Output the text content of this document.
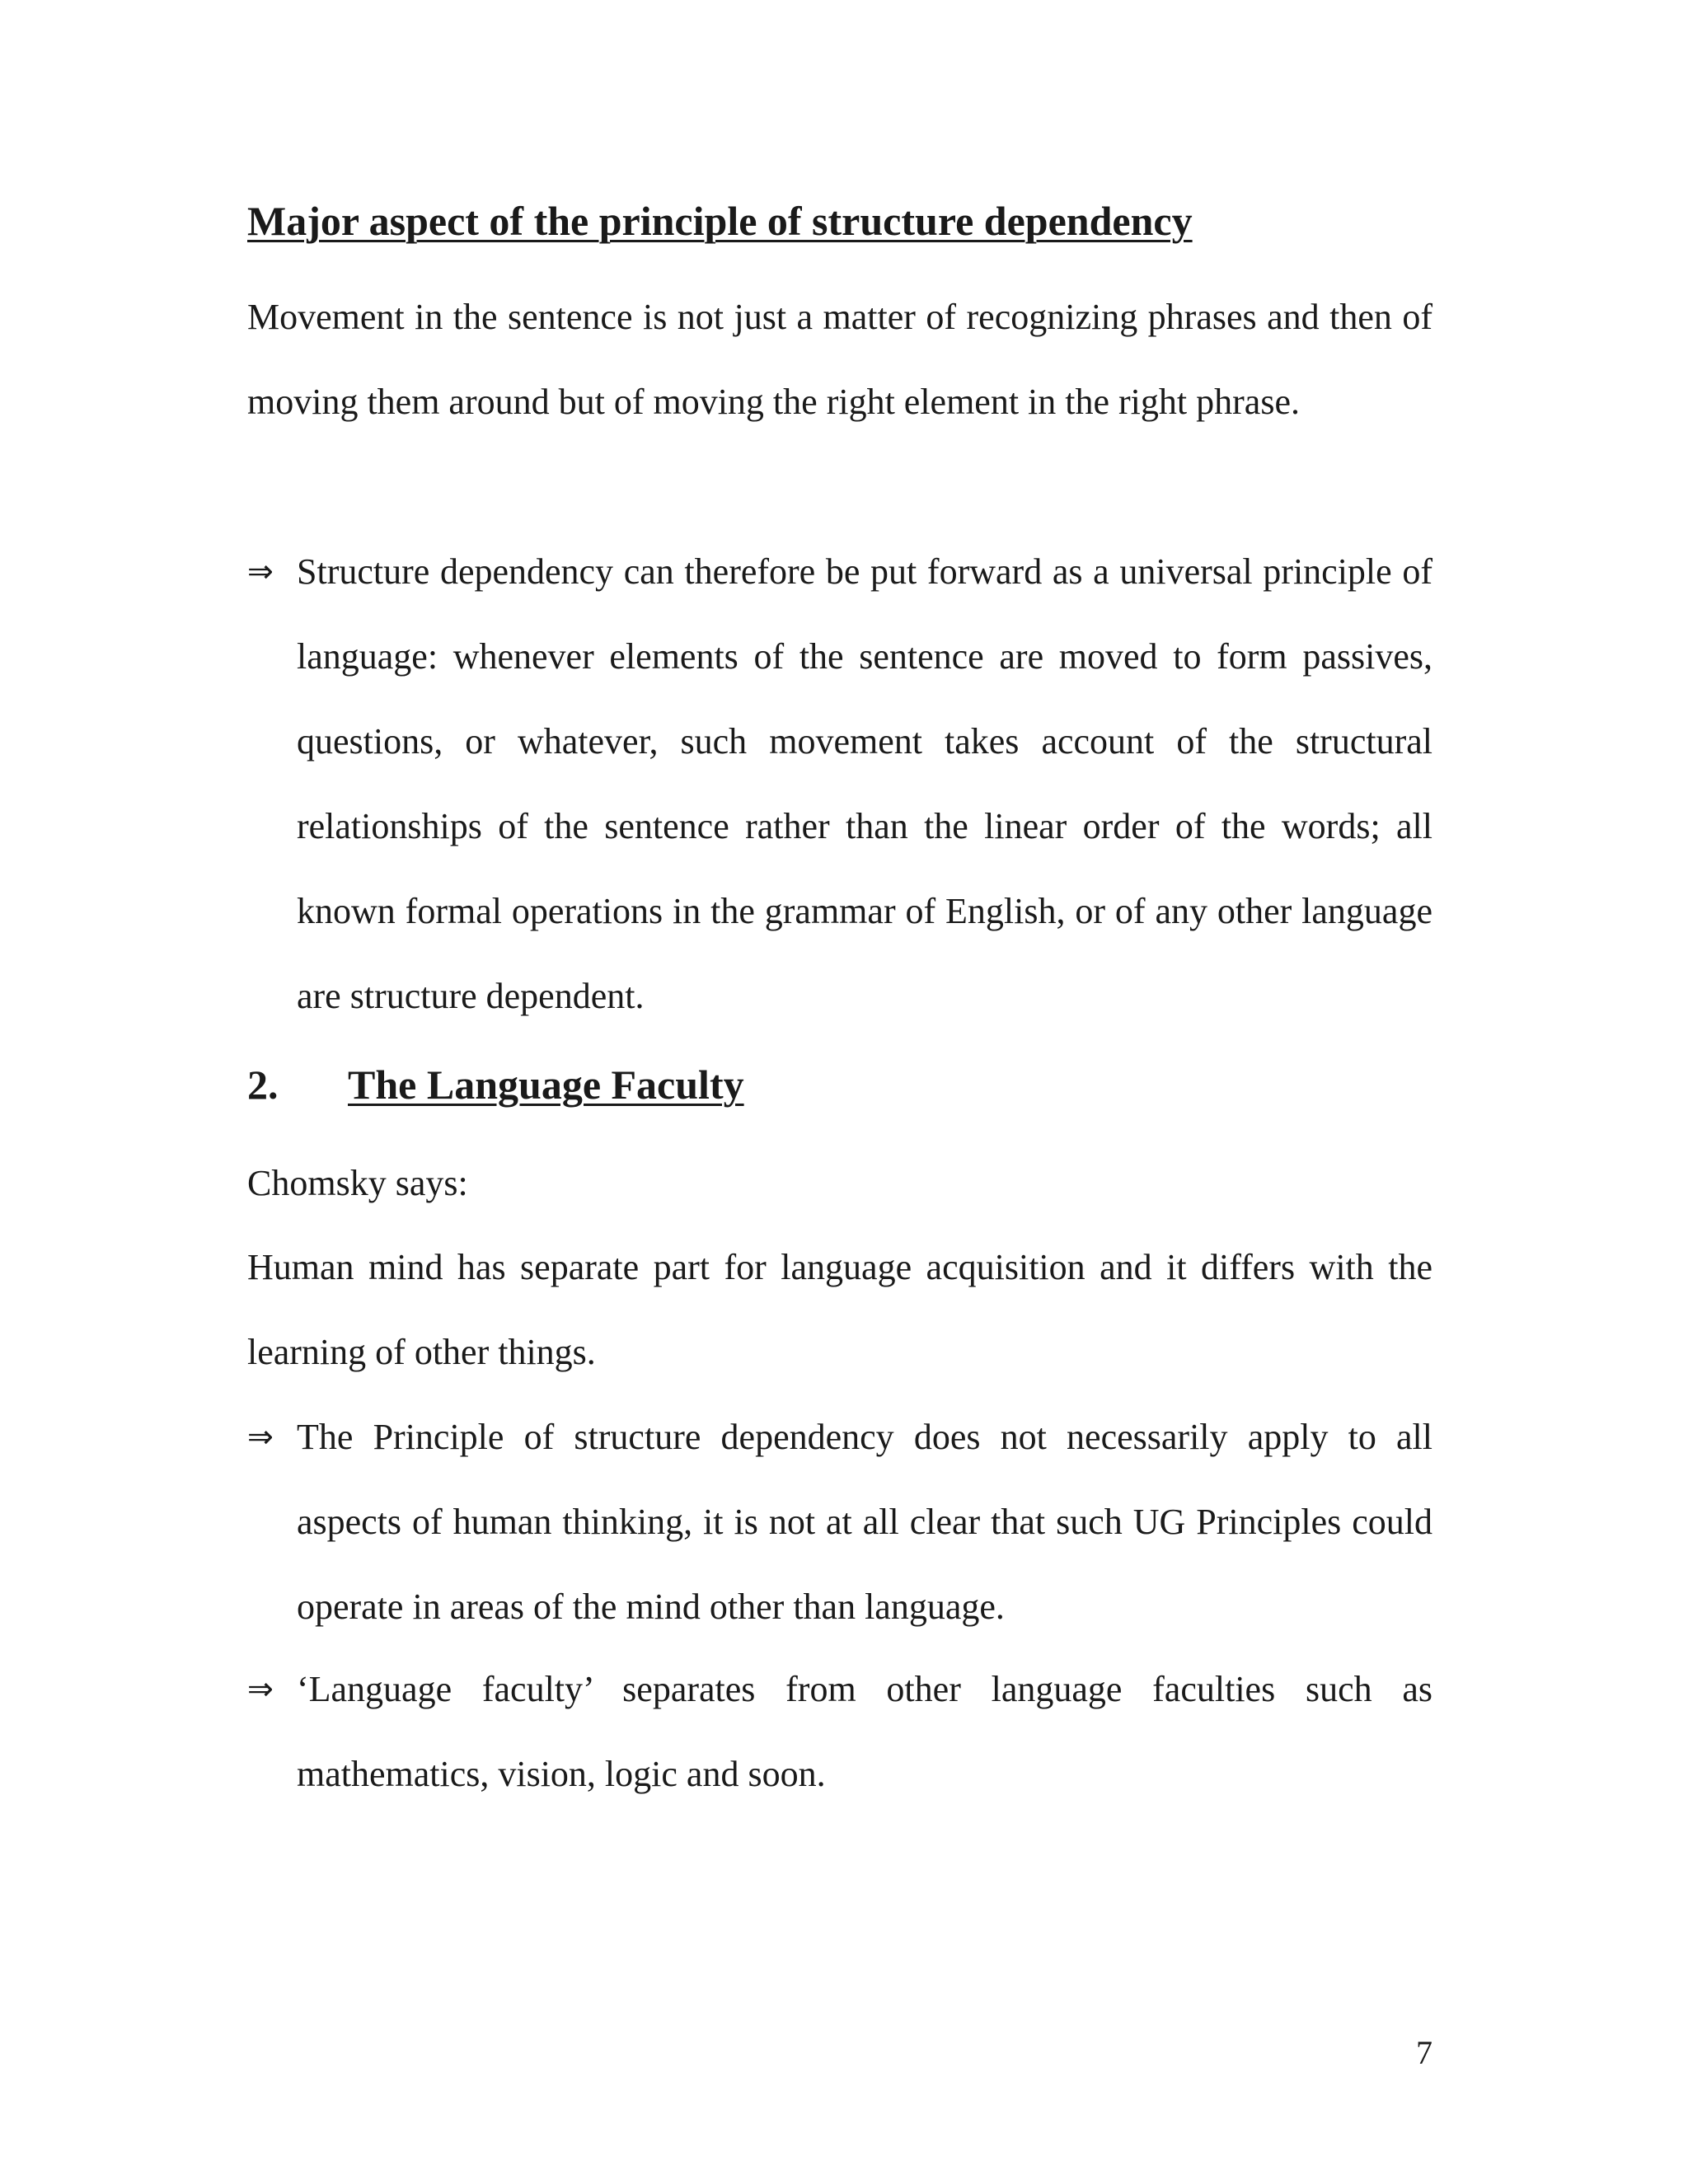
Major aspect of the principle of structure dependency

Movement in the sentence is not just a matter of recognizing phrases and then of moving them around but of moving the right element in the right phrase.

⇒ Structure dependency can therefore be put forward as a universal principle of language: whenever elements of the sentence are moved to form passives, questions, or whatever, such movement takes account of the structural relationships of the sentence rather than the linear order of the words; all known formal operations in the grammar of English, or of any other language are structure dependent.

2. The Language Faculty

Chomsky says:

Human mind has separate part for language acquisition and it differs with the learning of other things.

⇒ The Principle of structure dependency does not necessarily apply to all aspects of human thinking, it is not at all clear that such UG Principles could operate in areas of the mind other than language.

⇒ ‘Language faculty’ separates from other language faculties such as mathematics, vision, logic and soon.

7
